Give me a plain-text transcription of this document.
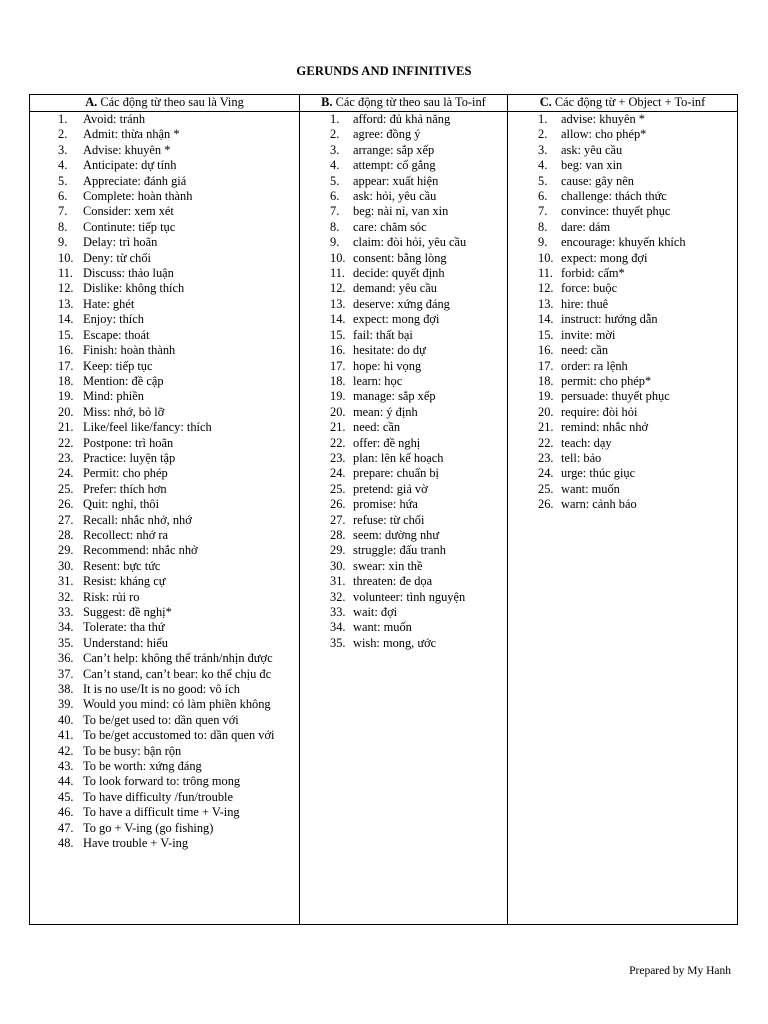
GERUNDS AND INFINITIVES
A. Các động từ theo sau là Ving
1. Avoid: tránh
2. Admit: thừa nhận *
3. Advise: khuyên *
4. Anticipate: dự tính
5. Appreciate: đánh giá
6. Complete: hoàn thành
7. Consider: xem xét
8. Continute: tiếp tục
9. Delay: trì hoãn
10. Deny: từ chối
11. Discuss: thảo luận
12. Dislike: không thích
13. Hate: ghét
14. Enjoy: thích
15. Escape: thoát
16. Finish: hoàn thành
17. Keep: tiếp tục
18. Mention: đề cập
19. Mind: phiền
20. Miss: nhớ, bỏ lỡ
21. Like/feel like/fancy: thích
22. Postpone: trì hoãn
23. Practice: luyện tập
24. Permit: cho phép
25. Prefer: thích hơn
26. Quit: nghỉ, thôi
27. Recall: nhắc nhở, nhớ
28. Recollect: nhớ ra
29. Recommend: nhắc nhở
30. Resent: bực tức
31. Resist: kháng cự
32. Risk: rủi ro
33. Suggest: đề nghị*
34. Tolerate: tha thứ
35. Understand: hiểu
36. Can’t help: không thể tránh/nhịn được
37. Can’t stand, can’t bear: ko thể chịu đc
38. It is no use/It is no good: vô ích
39. Would you mind: có làm phiền không
40. To be/get used to: dần quen với
41. To be/get accustomed to: dần quen với
42. To be busy: bận rộn
43. To be worth: xứng đáng
44. To look forward to: trông mong
45. To have difficulty /fun/trouble
46. To have a difficult time + V-ing
47. To go + V-ing (go fishing)
48. Have trouble + V-ing
B. Các động từ theo sau là To-inf
1. afford: đủ khả năng
2. agree: đồng ý
3. arrange: sắp xếp
4. attempt: cố gắng
5. appear: xuất hiện
6. ask: hỏi, yêu cầu
7. beg: nài nỉ, van xin
8. care: chăm sóc
9. claim: đòi hỏi, yêu cầu
10. consent: bằng lòng
11. decide: quyết định
12. demand: yêu cầu
13. deserve: xứng đáng
14. expect: mong đợi
15. fail: thất bại
16. hesitate: do dự
17. hope: hi vọng
18. learn: học
19. manage: sắp xếp
20. mean: ý định
21. need: cần
22. offer: đề nghị
23. plan: lên kế hoạch
24. prepare: chuẩn bị
25. pretend: giả vờ
26. promise: hứa
27. refuse: từ chối
28. seem: dường như
29. struggle: đấu tranh
30. swear: xin thề
31. threaten: đe dọa
32. volunteer: tình nguyện
33. wait: đợi
34. want: muốn
35. wish: mong, ước
C. Các động từ + Object + To-inf
1. advise: khuyên *
2. allow: cho phép*
3. ask: yêu cầu
4. beg: van xin
5. cause: gây nên
6. challenge: thách thức
7. convince: thuyết phục
8. dare: dám
9. encourage: khuyến khích
10. expect: mong đợi
11. forbid: cấm*
12. force: buộc
13. hire: thuê
14. instruct: hướng dẫn
15. invite: mời
16. need: cần
17. order: ra lệnh
18. permit: cho phép*
19. persuade: thuyết phục
20. require: đòi hỏi
21. remind: nhắc nhở
22. teach: dạy
23. tell: bảo
24. urge: thúc giục
25. want: muốn
26. warn: cảnh báo
Prepared by My Hanh
